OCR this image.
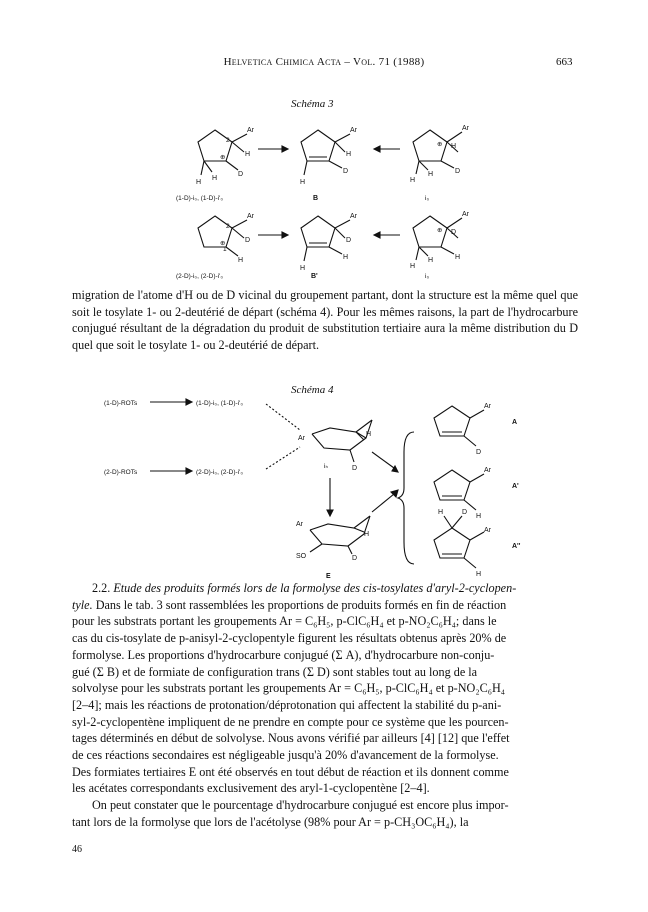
Helvetica Chimica Acta – Vol. 71 (1988)	663
Schéma 3
Ar
H
D
H
H
2
⊕
Ar
H
D
H
Ar
H
D
H
H
⊕
(1-D)-i₀, (1-D)-i'₀	B	i₀
Ar
D
H
2
⊕
1
Ar
D
H
H
Ar
D
H
H
H
⊕
(2-D)-i₀, (2-D)-i'₀	B'	i₀

migration de l'atome d'H ou de D vicinal du groupement partant, dont la structure est la même quel que soit le tosylate 1- ou 2-deutérié de départ (schéma 4). Pour les mêmes raisons, la part de l'hydrocarbure conjugué résultant de la dégradation du produit de substitution tertiaire aura la même distribution du D quel que soit le tosylate 1- ou 2-deutérié de départ.

Schéma 4
(1-D)-ROTs	(1-D)-i₀, (1-D)-i'₀
(2-D)-ROTs	(2-D)-i₀, (2-D)-i'₀
Ar
H
D
iₕ
Ar
H
SO	D
E
Ar
D
A
Ar
H
A'
H	D
Ar
H
A''
2.2. Etude des produits formés lors de la formolyse des cis-tosylates d'aryl-2-cyclopen-
tyle. Dans le tab. 3 sont rassemblées les proportions de produits formés en fin de réaction
pour les substrats portant les groupements Ar = C₆H₅, p-ClC₆H₄ et p-NO₂C₆H₄; dans le
cas du cis-tosylate de p-anisyl-2-cyclopentyle figurent les résultats obtenus après 20% de
formolyse. Les proportions d'hydrocarbure conjugué (Σ A), d'hydrocarbure non-conju-
gué (Σ B) et de formiate de configuration trans (Σ D) sont stables tout au long de la
solvolyse pour les substrats portant les groupements Ar = C₆H₅, p-ClC₆H₄ et p-NO₂C₆H₄
[2–4]; mais les réactions de protonation/déprotonation qui affectent la stabilité du p-ani-
syl-2-cyclopentène impliquent de ne prendre en compte pour ce système que les pourcen-
tages déterminés en début de solvolyse. Nous avons vérifié par ailleurs [4] [12] que l'effet
de ces réactions secondaires est négligeable jusqu'à 20% d'avancement de la formolyse.
Des formiates tertiaires E ont été observés en tout début de réaction et ils donnent comme
les acétates correspondants exclusivement des aryl-1-cyclopentène [2–4].
On peut constater que le pourcentage d'hydrocarbure conjugué est encore plus impor-
tant lors de la formolyse que lors de l'acétolyse (98% pour Ar = p-CH₃OC₆H₄), la
46
